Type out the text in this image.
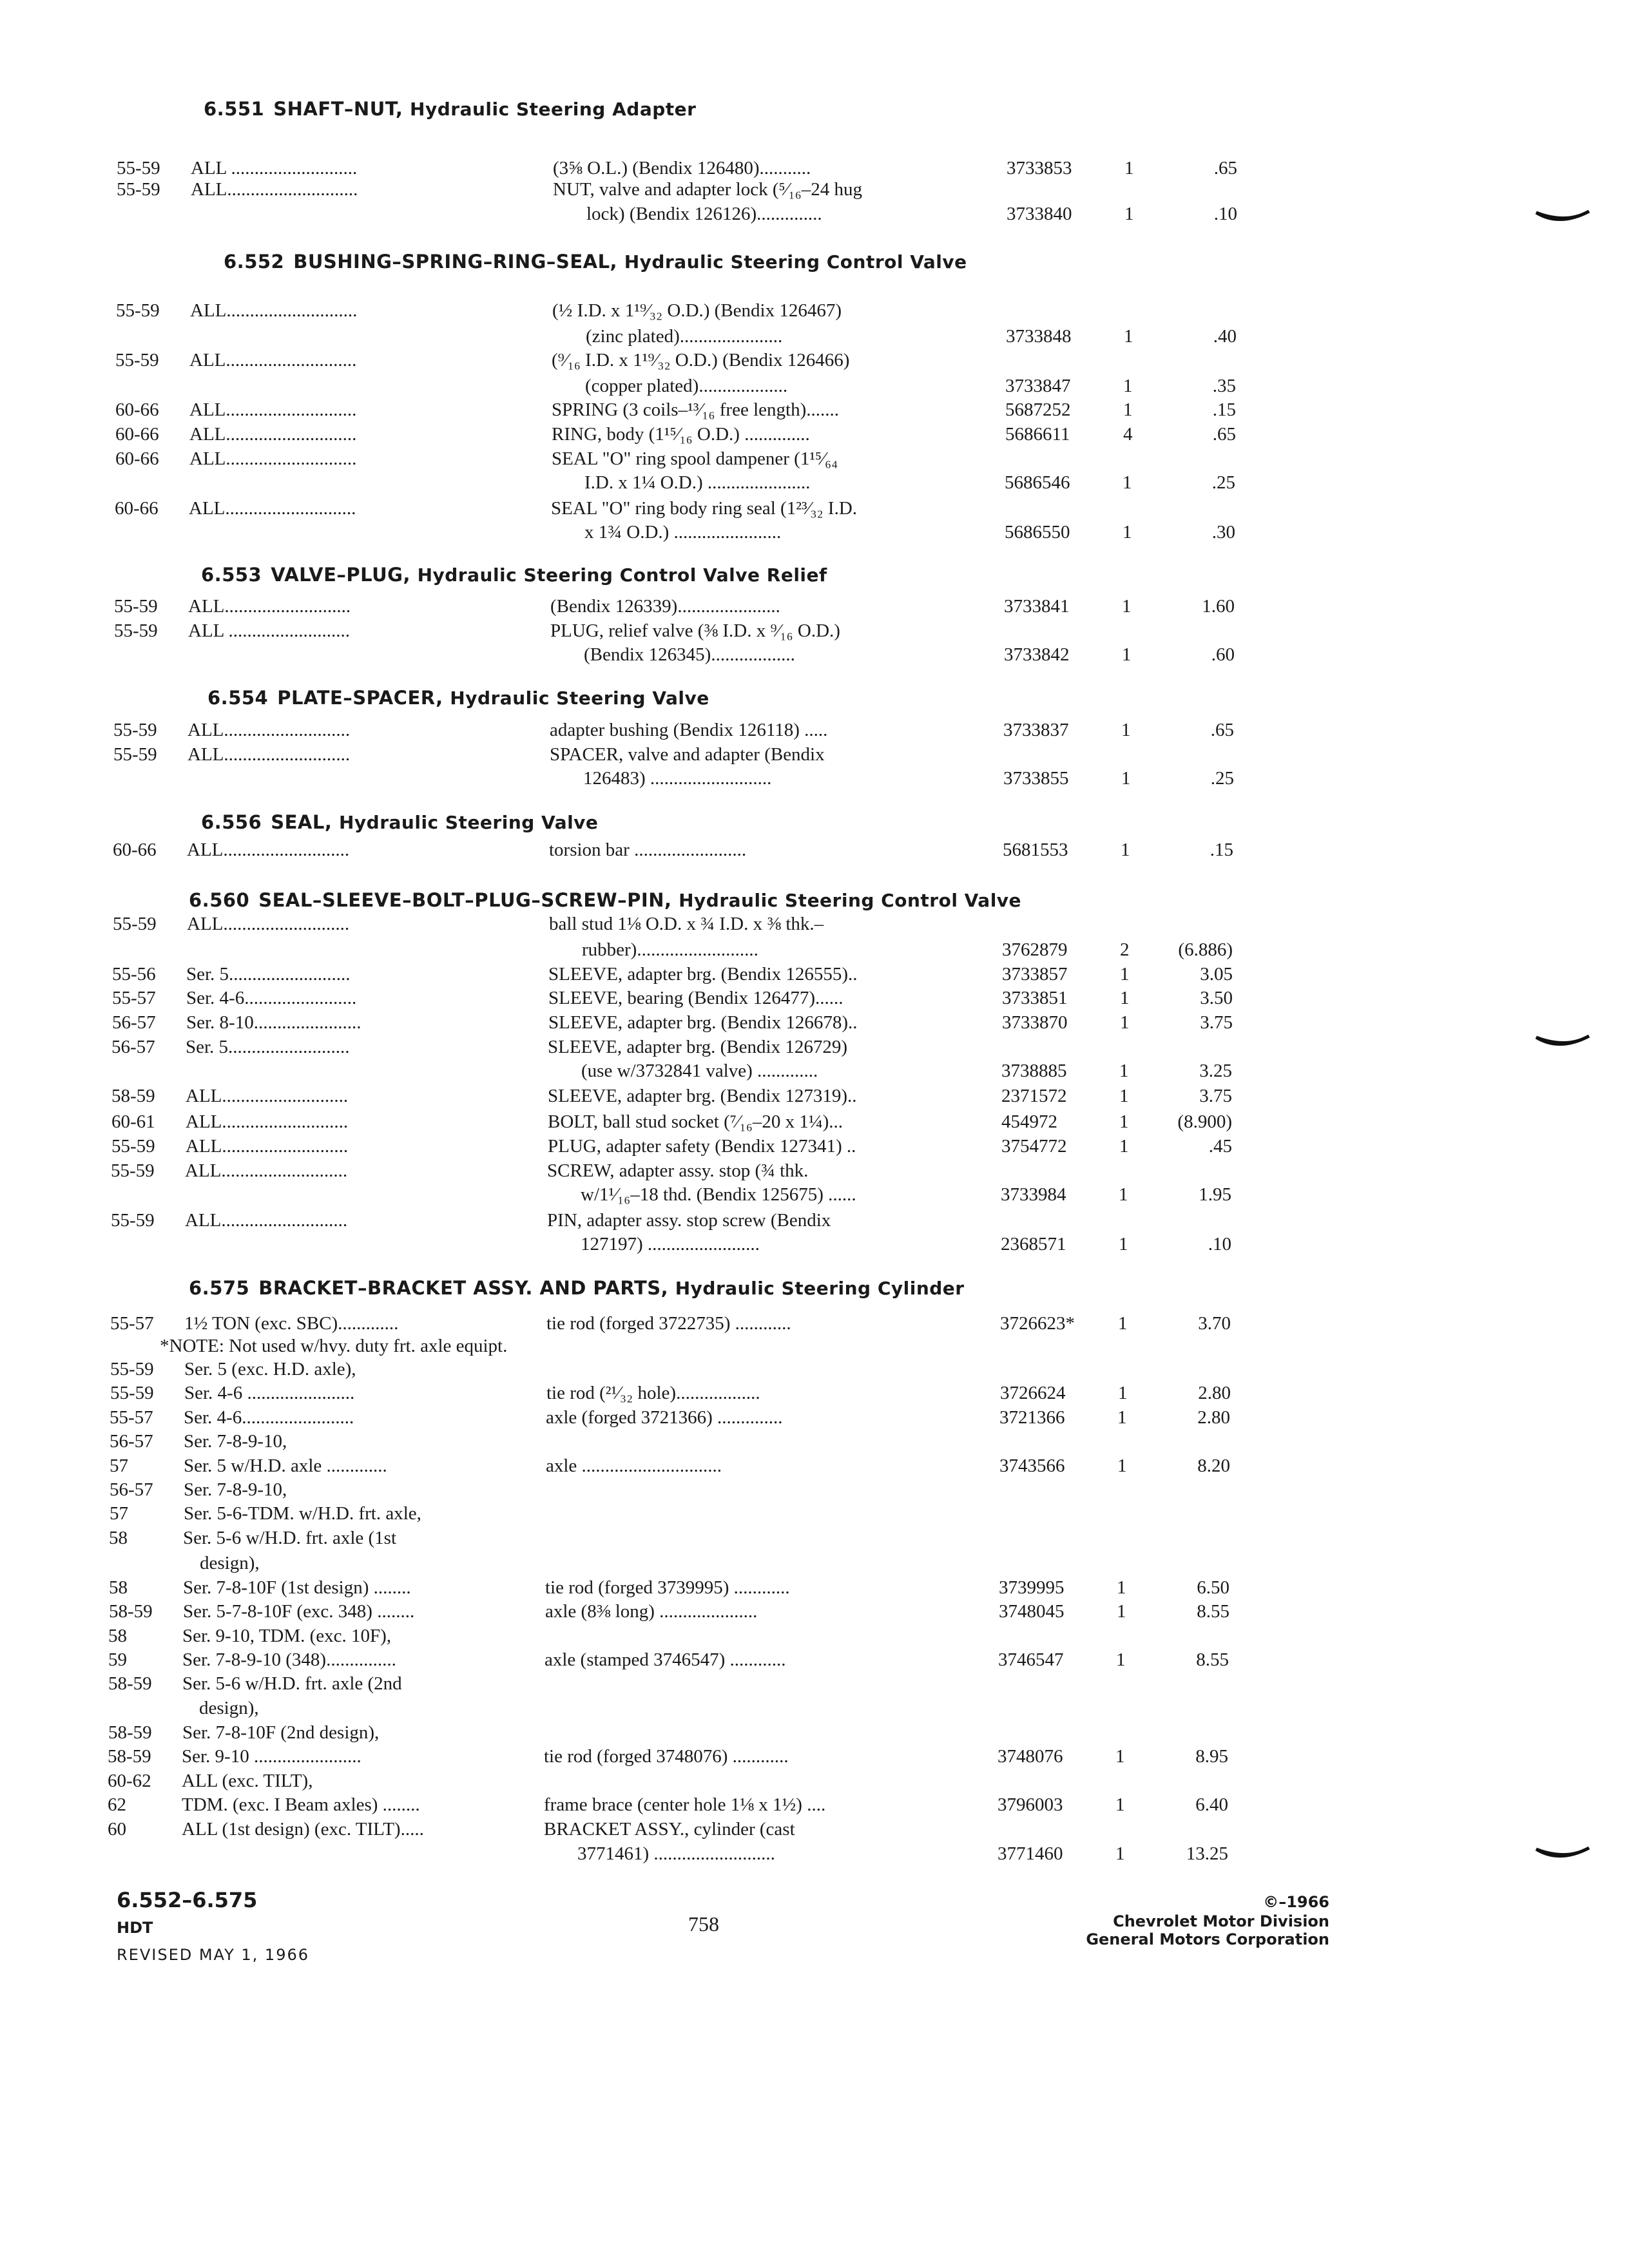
6.551 SHAFT–NUT, Hydraulic Steering Adapter
6.552 BUSHING–SPRING–RING–SEAL, Hydraulic Steering Control Valve
6.553 VALVE–PLUG, Hydraulic Steering Control Valve Relief
6.554 PLATE–SPACER, Hydraulic Steering Valve
6.556 SEAL, Hydraulic Steering Valve
6.560 SEAL–SLEEVE–BOLT–PLUG–SCREW–PIN, Hydraulic Steering Control Valve
6.575 BRACKET–BRACKET ASSY. AND PARTS, Hydraulic Steering Cylinder
55-59 ALL ...........................	(3⅝ O.L.) (Bendix 126480)...........	3733853	1	.65
55-59 ALL............................	NUT, valve and adapter lock (⁵⁄₁₆–24 hug
lock) (Bendix 126126)..............	3733840	1	.10
55-59 ALL............................	(½ I.D. x 1¹⁹⁄₃₂ O.D.) (Bendix 126467)
(zinc plated)......................	3733848	1	.40
55-59 ALL............................	(⁹⁄₁₆ I.D. x 1¹⁹⁄₃₂ O.D.) (Bendix 126466)
(copper plated)...................	3733847	1	.35
60-66 ALL............................	SPRING (3 coils–¹³⁄₁₆ free length).......	5687252	1	.15
60-66 ALL............................	RING, body (1¹⁵⁄₁₆ O.D.) ..............	5686611	4	.65
60-66 ALL............................	SEAL "O" ring spool dampener (1¹⁵⁄₆₄
I.D. x 1¼ O.D.) ......................	5686546	1	.25
60-66 ALL............................	SEAL "O" ring body ring seal (1²³⁄₃₂ I.D.
x 1¾ O.D.) .......................	5686550	1	.30
55-59 ALL...........................	(Bendix 126339)......................	3733841	1	1.60
55-59 ALL ..........................	PLUG, relief valve (⅜ I.D. x ⁹⁄₁₆ O.D.)
(Bendix 126345)..................	3733842	1	.60
55-59 ALL...........................	adapter bushing (Bendix 126118) .....	3733837	1	.65
55-59 ALL...........................	SPACER, valve and adapter (Bendix
126483) ..........................	3733855	1	.25
60-66 ALL...........................	torsion bar ........................	5681553	1	.15
55-59 ALL...........................	ball stud 1⅛ O.D. x ¾ I.D. x ⅜ thk.–
rubber)..........................	3762879	2	(6.886)
55-56 Ser. 5..........................	SLEEVE, adapter brg. (Bendix 126555)..	3733857	1	3.05
55-57 Ser. 4-6........................	SLEEVE, bearing (Bendix 126477)......	3733851	1	3.50
56-57 Ser. 8-10.......................	SLEEVE, adapter brg. (Bendix 126678)..	3733870	1	3.75
56-57 Ser. 5..........................	SLEEVE, adapter brg. (Bendix 126729)
(use w/3732841 valve) .............	3738885	1	3.25
58-59 ALL...........................	SLEEVE, adapter brg. (Bendix 127319)..	2371572	1	3.75
60-61 ALL...........................	BOLT, ball stud socket (⁷⁄₁₆–20 x 1¼)...	454972	1	(8.900)
55-59 ALL...........................	PLUG, adapter safety (Bendix 127341) ..	3754772	1	.45
55-59 ALL...........................	SCREW, adapter assy. stop (¾ thk.
w/1¹⁄₁₆–18 thd. (Bendix 125675) ......	3733984	1	1.95
55-59 ALL...........................	PIN, adapter assy. stop screw (Bendix
127197) ........................	2368571	1	.10
55-57 1½ TON (exc. SBC).............	tie rod (forged 3722735) ............	3726623* 1	3.70
*NOTE: Not used w/hvy. duty frt. axle equipt.
55-59 Ser. 5 (exc. H.D. axle),
55-59 Ser. 4-6 .......................	tie rod (²¹⁄₃₂ hole)..................	3726624	1	2.80
55-57 Ser. 4-6........................	axle (forged 3721366) ..............	3721366	1	2.80
56-57 Ser. 7-8-9-10,
57	Ser. 5 w/H.D. axle .............	axle ..............................	3743566	1	8.20
56-57 Ser. 7-8-9-10,
57	Ser. 5-6-TDM. w/H.D. frt. axle,
58	Ser. 5-6 w/H.D. frt. axle (1st
design),
58	Ser. 7-8-10F (1st design) ........	tie rod (forged 3739995) ............	3739995	1	6.50
58-59 Ser. 5-7-8-10F (exc. 348) ........	axle (8⅜ long) .....................	3748045	1	8.55
58	Ser. 9-10, TDM. (exc. 10F),
59	Ser. 7-8-9-10 (348)...............	axle (stamped 3746547) ............	3746547	1	8.55
58-59 Ser. 5-6 w/H.D. frt. axle (2nd
design),
58-59 Ser. 7-8-10F (2nd design),
58-59 Ser. 9-10 .......................	tie rod (forged 3748076) ............	3748076	1	8.95
60-62 ALL (exc. TILT),
62	TDM. (exc. I Beam axles) ........	frame brace (center hole 1⅛ x 1½) ....	3796003	1	6.40
60	ALL (1st design) (exc. TILT).....	BRACKET ASSY., cylinder (cast
3771461) ..........................	3771460	1	13.25
6.552–6.575
HDT
REVISED MAY 1, 1966
758
©–1966
Chevrolet Motor Division
General Motors Corporation
